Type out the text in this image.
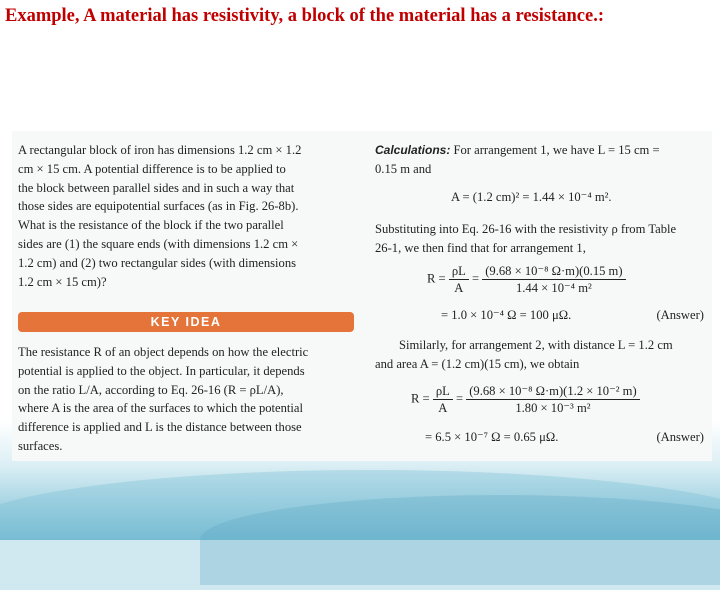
Example, A material has resistivity, a block of the material has a resistance.:
A rectangular block of iron has dimensions 1.2 cm × 1.2
cm × 15 cm. A potential difference is to be applied to
the block between parallel sides and in such a way that
those sides are equipotential surfaces (as in Fig. 26-8b).
What is the resistance of the block if the two parallel
sides are (1) the square ends (with dimensions 1.2 cm ×
1.2 cm) and (2) two rectangular sides (with dimensions
1.2 cm × 15 cm)?
KEY IDEA
The resistance R of an object depends on how the electric
potential is applied to the object. In particular, it depends
on the ratio L/A, according to Eq. 26-16 (R = ρL/A),
where A is the area of the surfaces to which the potential
difference is applied and L is the distance between those
surfaces.
Calculations: For arrangement 1, we have L = 15 cm =
0.15 m and
A = (1.2 cm)² = 1.44 × 10⁻⁴ m².
Substituting into Eq. 26-16 with the resistivity ρ from Table
26-1, we then find that for arrangement 1,
$R = \frac{\rho L}{A} = \frac{\text{(9.68 × 10⁻⁸ Ω·m)(0.15 m)}}{\text{1.44 × 10⁻⁴ m²}}$
= 1.0 × 10⁻⁴ Ω = 100 μΩ.	(Answer)
Similarly, for arrangement 2, with distance L = 1.2 cm
and area A = (1.2 cm)(15 cm), we obtain
$R = \frac{\rho L}{A} = \frac{\text{(9.68 × 10⁻⁸ Ω·m)(1.2 × 10⁻² m)}}{\text{1.80 × 10⁻³ m²}}$
= 6.5 × 10⁻⁷ Ω = 0.65 μΩ.	(Answer)
